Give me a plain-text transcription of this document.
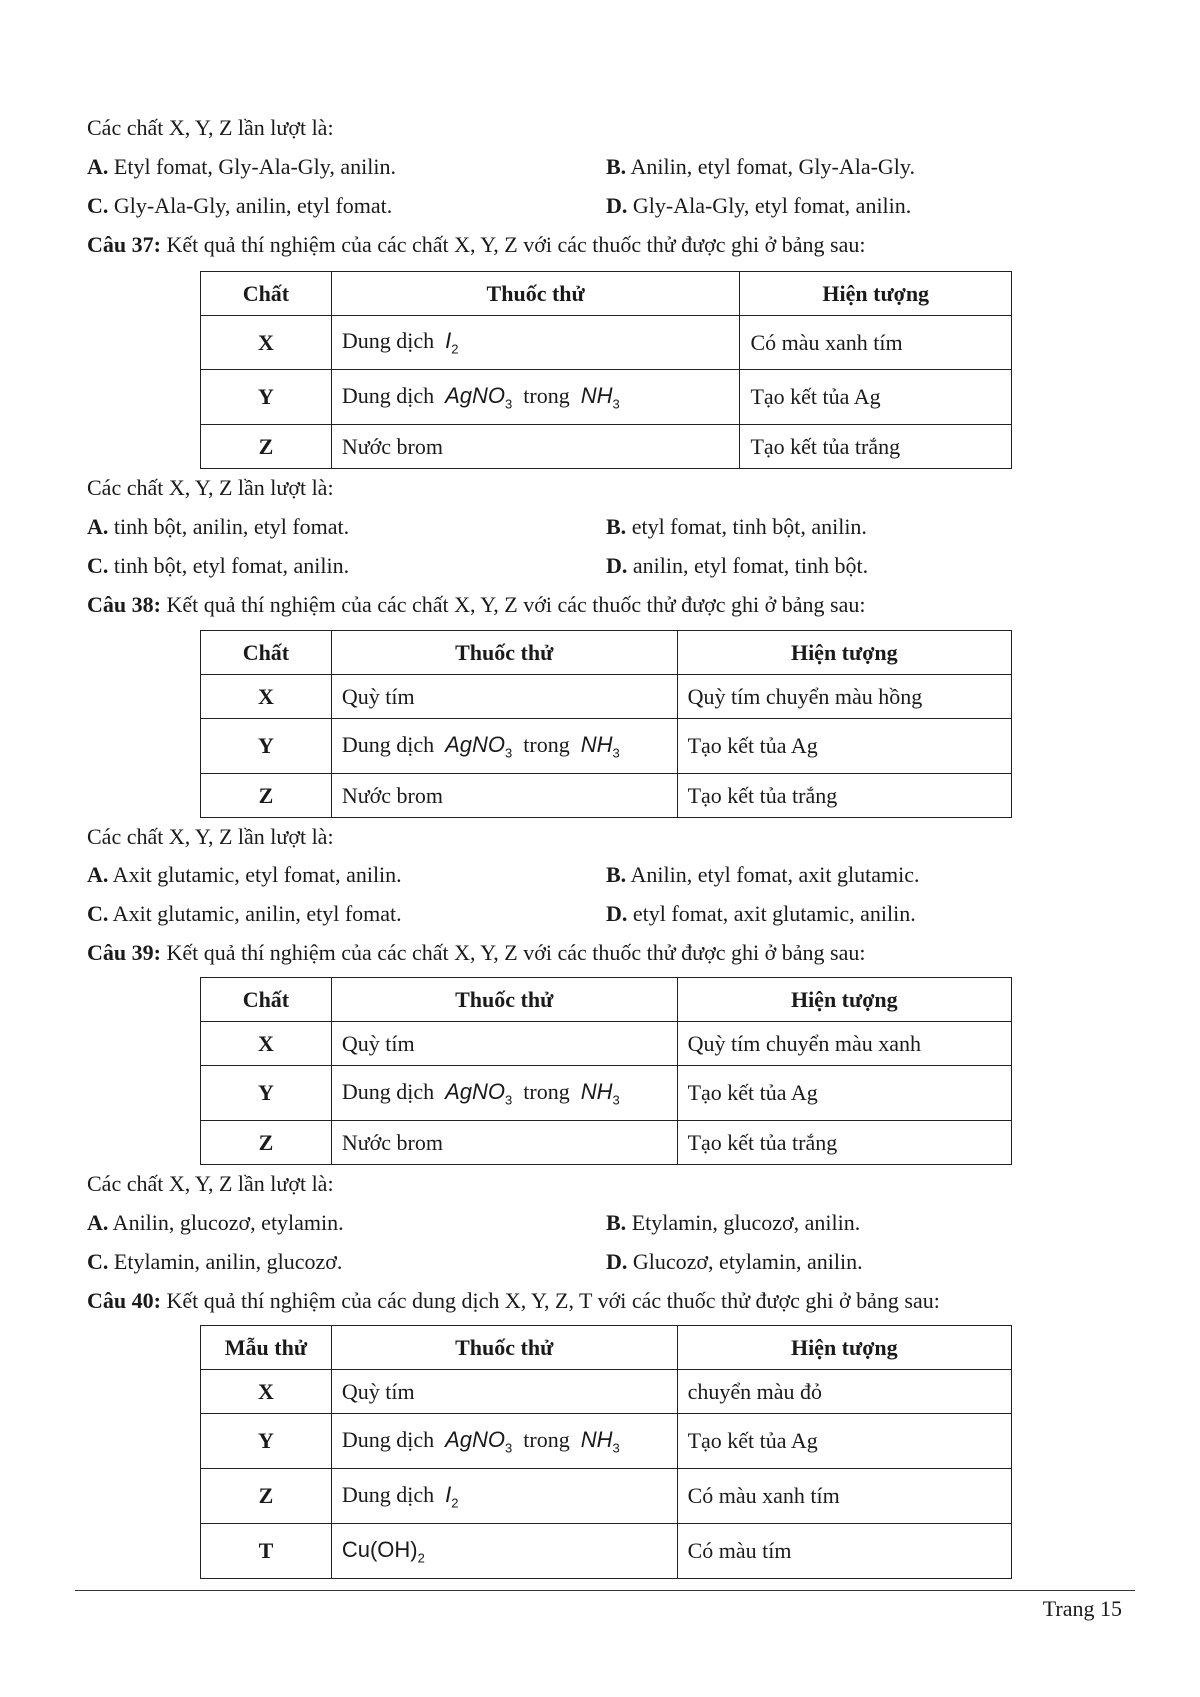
Các chất X, Y, Z lần lượt là:
A. Etyl fomat, Gly-Ala-Gly, anilin.	B. Anilin, etyl fomat, Gly-Ala-Gly.
C. Gly-Ala-Gly, anilin, etyl fomat.	D. Gly-Ala-Gly, etyl fomat, anilin.
Câu 37: Kết quả thí nghiệm của các chất X, Y, Z với các thuốc thử được ghi ở bảng sau:
Chất	Thuốc thử	Hiện tượng
X	Dung dịch $I_2$	Có màu xanh tím
Y	Dung dịch AgNO$_3$ trong $NH_3$	Tạo kết tủa Ag
Z	Nước brom	Tạo kết tủa trắng
Các chất X, Y, Z lần lượt là:
A. tinh bột, anilin, etyl fomat.	B. etyl fomat, tinh bột, anilin.
C. tinh bột, etyl fomat, anilin.	D. anilin, etyl fomat, tinh bột.
Câu 38: Kết quả thí nghiệm của các chất X, Y, Z với các thuốc thử được ghi ở bảng sau:
Chất	Thuốc thử	Hiện tượng
X	Quỳ tím	Quỳ tím chuyển màu hồng
Y	Dung dịch AgNO$_3$ trong $NH_3$	Tạo kết tủa Ag
Z	Nước brom	Tạo kết tủa trắng
Các chất X, Y, Z lần lượt là:
A. Axit glutamic, etyl fomat, anilin.	B. Anilin, etyl fomat, axit glutamic.
C. Axit glutamic, anilin, etyl fomat.	D. etyl fomat, axit glutamic, anilin.
Câu 39: Kết quả thí nghiệm của các chất X, Y, Z với các thuốc thử được ghi ở bảng sau:
Chất	Thuốc thử	Hiện tượng
X	Quỳ tím	Quỳ tím chuyển màu xanh
Y	Dung dịch AgNO$_3$ trong $NH_3$	Tạo kết tủa Ag
Z	Nước brom	Tạo kết tủa trắng
Các chất X, Y, Z lần lượt là:
A. Anilin, glucozơ, etylamin.	B. Etylamin, glucozơ, anilin.
C. Etylamin, anilin, glucozơ.	D. Glucozơ, etylamin, anilin.
Câu 40: Kết quả thí nghiệm của các dung dịch X, Y, Z, T với các thuốc thử được ghi ở bảng sau:
Mẫu thử	Thuốc thử	Hiện tượng
X	Quỳ tím	chuyển màu đỏ
Y	Dung dịch AgNO$_3$ trong $NH_3$	Tạo kết tủa Ag
Z	Dung dịch $I_2$	Có màu xanh tím
T	$Cu(OH)_2$	Có màu tím
Trang 15
